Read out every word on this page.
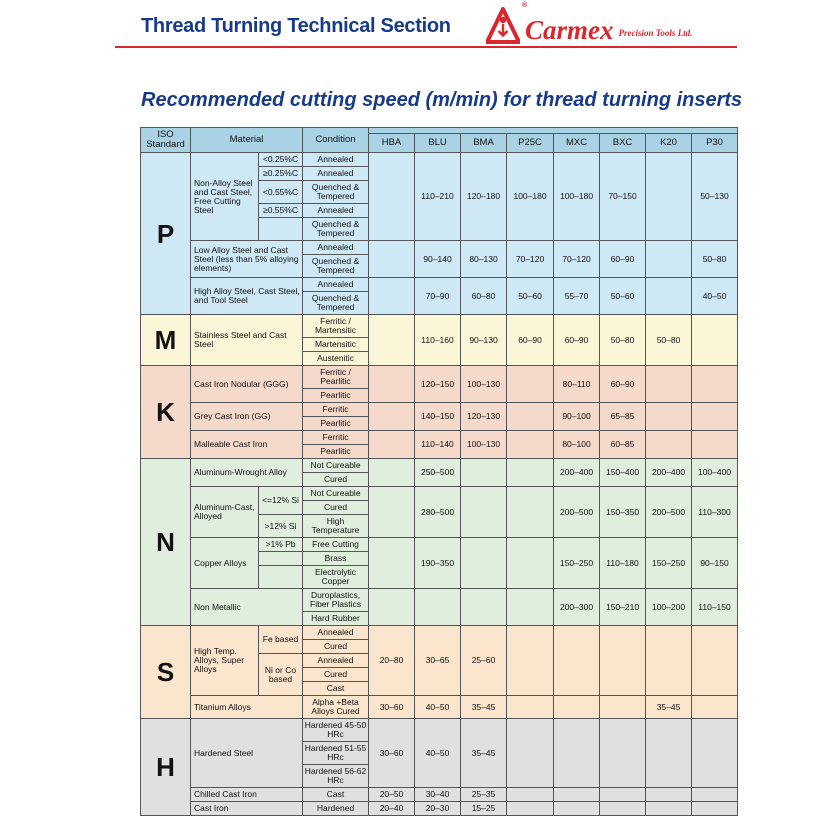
Thread Turning Technical Section	Carmex Precision Tools Ltd.
®
Recommended cutting speed (m/min) for thread turning inserts
ISO Standard	Material		Condition								
				HBA	BLU	BMA	P25C	MXC	BXC	K20	P30
P	Non-Alloy Steel and Cast Steel, Free Cutting Steel	<0.25%C	Annealed		110–210	120–180	100–180	100–180	70–150		50–130
		≥0.25%C	Annealed								
		<0.55%C	Quenched & Tempered								
		≥0.55%C	Annealed								
			Quenched & Tempered								
	Low Alloy Steel and Cast Steel (less than 5% alloying elements)		Annealed		90–140	80–130	70–120	70–120	60–90		50–80
			Quenched & Tempered								
	High Alloy Steel, Cast Steel, and Tool Steel		Annealed		70–90	60–80	50–60	55–70	50–60		40–50
			Quenched & Tempered								
M	Stainless Steel and Cast Steel		Ferritic / Martensitic		110–160	90–130	60–90	60–90	50–80	50–80	
			Martensitic								
			Austenitic								
K	Cast Iron Nodular (GGG)		Ferritic / Pearlitic		120–150	100–130		80–110	60–90		
			Pearlitic								
	Grey Cast Iron (GG)		Ferritic		140–150	120–130		90–100	65–85		
			Pearlitic								
	Malleable Cast Iron		Ferritic		110–140	100–130		80–100	60–85		
			Pearlitic								
N	Aluminum-Wrought Alloy		Not Cureable		250–500			200–400	150–400	200–400	100–400
			Cured								
	Aluminum-Cast, Alloyed	<=12% Si	Not Cureable		280–500			200–500	150–350	200–500	110–300
			Cured								
		>12% Si	High Temperature								
	Copper Alloys	>1% Pb	Free Cutting		190–350			150–250	110–180	150–250	90–150
			Brass								
			Electrolytic Copper								
	Non Metallic		Duroplastics, Fiber Plastics					200–300	150–210	100–200	110–150
			Hard Rubber								
S	High Temp. Alloys, Super Alloys	Fe based	Annealed	20–80	30–65	25–60					
			Cured								
		Ni or Co based	Annealed								
			Cured								
			Cast								
	Titanium Alloys		Alpha +Beta Alloys Cured	30–60	40–50	35–45				35–45	
H	Hardened Steel		Hardened 45-50 HRc	30–60	40–50	35–45					
			Hardened 51-55 HRc								
			Hardened 56-62 HRc								
	Chilled Cast Iron		Cast	20–50	30–40	25–35					
	Cast Iron		Hardened	20–40	20–30	15–25					
